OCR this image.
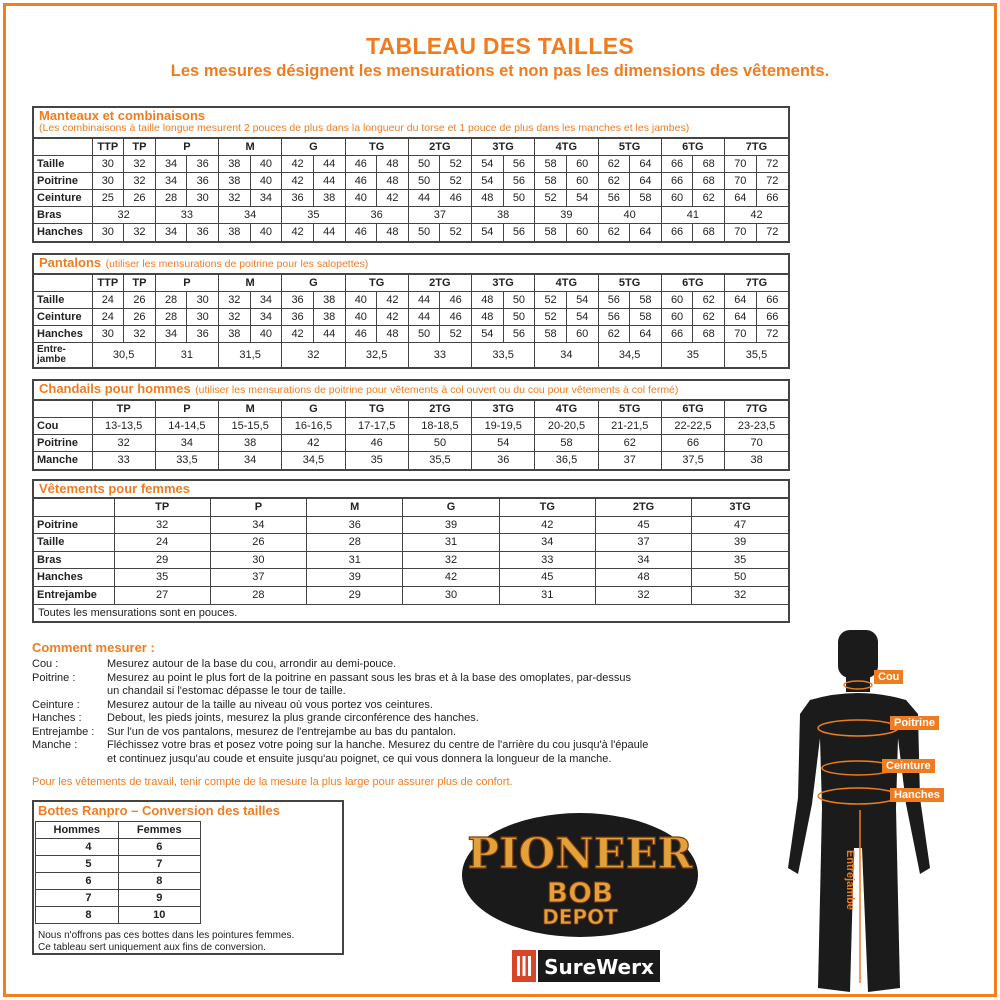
TABLEAU DES TAILLES
Les mesures désignent les mensurations et non pas les dimensions des vêtements.
Manteaux et combinaisons
(Les combinaisons à taille longue mesurent 2 pouces de plus dans la longueur du torse et 1 pouce de plus dans les manches et les jambes)
	TTP	TP	P		M		G		TG		2TG		3TG		4TG		5TG		6TG		7TG	
Taille	30	32	34	36	38	40	42	44	46	48	50	52	54	56	58	60	62	64	66	68	70	72
Poitrine	30	32	34	36	38	40	42	44	46	48	50	52	54	56	58	60	62	64	66	68	70	72
Ceinture	25	26	28	30	32	34	36	38	40	42	44	46	48	50	52	54	56	58	60	62	64	66
Bras	32		33		34		35		36		37		38		39		40		41		42	
Hanches	30	32	34	36	38	40	42	44	46	48	50	52	54	56	58	60	62	64	66	68	70	72
Pantalons (utiliser les mensurations de poitrine pour les salopettes)
	TTP	TP	P		M		G		TG		2TG		3TG		4TG		5TG		6TG		7TG	
Taille	24	26	28	30	32	34	36	38	40	42	44	46	48	50	52	54	56	58	60	62	64	66
Ceinture	24	26	28	30	32	34	36	38	40	42	44	46	48	50	52	54	56	58	60	62	64	66
Hanches	30	32	34	36	38	40	42	44	46	48	50	52	54	56	58	60	62	64	66	68	70	72
Entre-jambe	30,5		31		31,5		32		32,5		33		33,5		34		34,5		35		35,5	
Chandails pour hommes (utiliser les mensurations de poitrine pour vêtements à col ouvert ou du cou pour vêtements à col fermé)
	TP	P	M	G	TG	2TG	3TG	4TG	5TG	6TG	7TG
Cou	13-13,5	14-14,5	15-15,5	16-16,5	17-17,5	18-18,5	19-19,5	20-20,5	21-21,5	22-22,5	23-23,5
Poitrine	32	34	38	42	46	50	54	58	62	66	70
Manche	33	33,5	34	34,5	35	35,5	36	36,5	37	37,5	38
Vêtements pour femmes
	TP	P	M	G	TG	2TG	3TG
Poitrine	32	34	36	39	42	45	47
Taille	24	26	28	31	34	37	39
Bras	29	30	31	32	33	34	35
Hanches	35	37	39	42	45	48	50
Entrejambe	27	28	29	30	31	32	32
Toutes les mensurations sont en pouces.
Comment mesurer :
Cou :	Mesurez autour de la base du cou, arrondir au demi-pouce.
Poitrine :	Mesurez au point le plus fort de la poitrine en passant sous les bras et à la base des omoplates, par-dessus
un chandail si l'estomac dépasse le tour de taille.
Ceinture :	Mesurez autour de la taille au niveau où vous portez vos ceintures.
Hanches :	Debout, les pieds joints, mesurez la plus grande circonférence des hanches.
Entrejambe :	Sur l'un de vos pantalons, mesurez de l'entrejambe au bas du pantalon.
Manche :	Fléchissez votre bras et posez votre poing sur la hanche. Mesurez du centre de l'arrière du cou jusqu'à l'épaule
et continuez jusqu'au coude et ensuite jusqu'au poignet, ce qui vous donnera la longueur de la manche.
Pour les vêtements de travail, tenir compte de la mesure la plus large pour assurer plus de confort.
Bottes Ranpro – Conversion des tailles
Hommes	Femmes
4	6
5	7
6	8
7	9
8	10
Nous n'offrons pas ces bottes dans les pointures femmes.
Ce tableau sert uniquement aux fins de conversion.
PIONEER
BOB
DEPOT
SureWerx
Cou
Poitrine
Ceinture
Hanches
Entrejambe
